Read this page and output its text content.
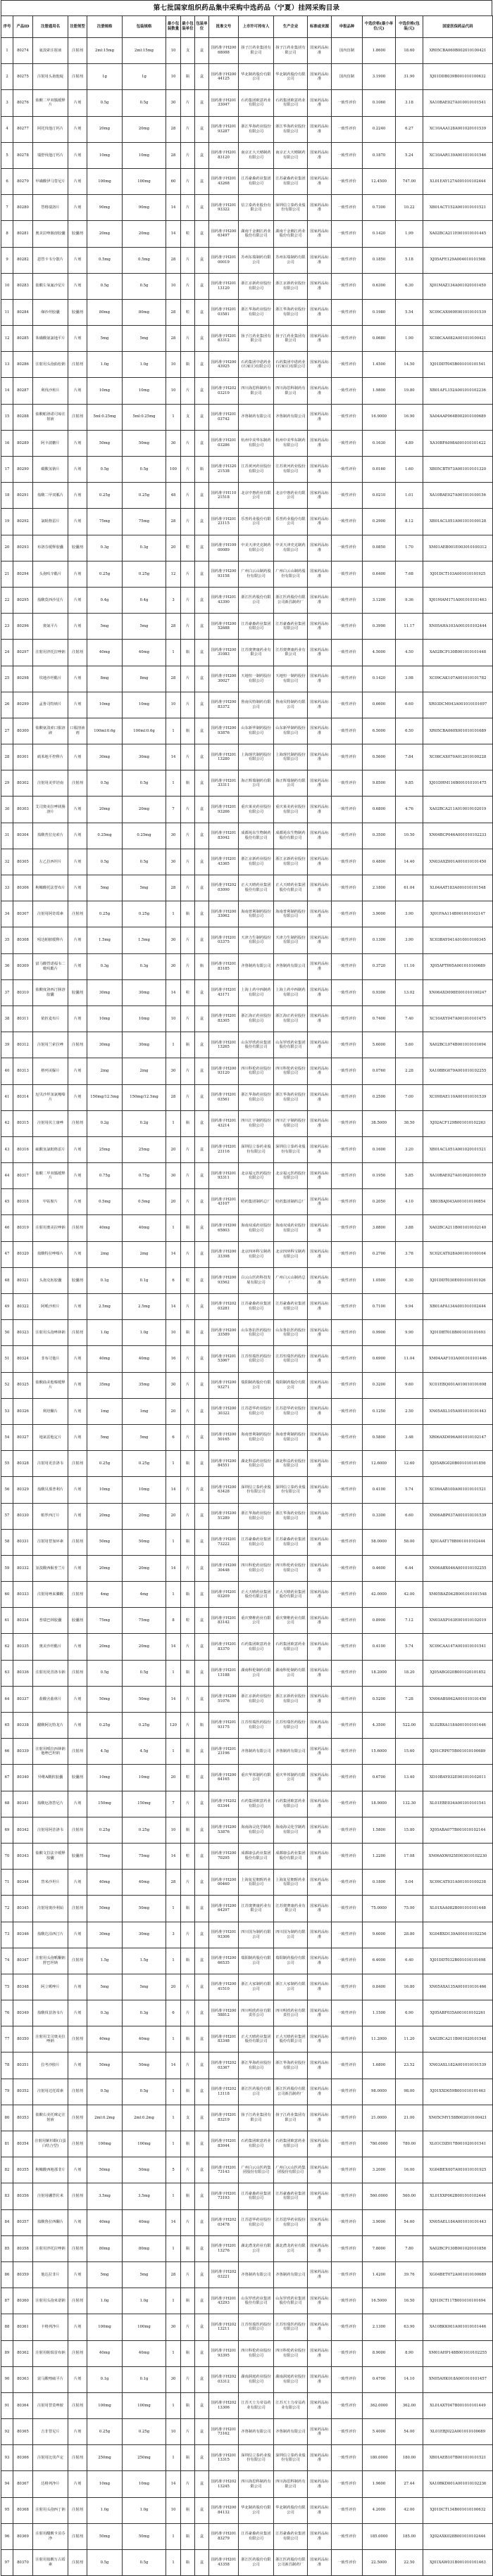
第七批国家组织药品集中采购中选药品（宁夏）挂网采购目录
序号	产品ID	注册通用名	注册剂型	注册规格	包装规格	最小包装数量	最小包装单位	包装单位	批准文号	上市许可持有人	生产企业	标准或来源	申报品种	中选价格(最小单位/元)	中选价格(包装/元)	国家医保药品代码
1	80274	氨溴索注射液	注射剂	2ml:15mg	2ml:15mg	10	支	盒	国药准字H20068088	扬子江药业集团有限公司	扬子江药业集团有限公司	国家药品标准	国内仿制	1.8600	18.60	XR05CBA060B002010100421
2	80275	注射用头孢他啶	注射剂	1g	1g	10	瓶	盒	国药准字H20044125	华北制药股份有限公司	华北制药股份有限公司	国家药品标准	国内仿制	3.1900	31.90	XJ01DDB039B001010100632
3	80276	盐酸二甲双胍缓释片	片剂	0.5g	0.5g	30	片	盒	国药准字H20133047	石药集团欧意药业有限公司	石药集团欧意药业有限公司	国家药品标准	一致性评价	0.1060	3.18	XA10BAE027A010010101541
4	80277	阿托伐他汀钙片	片剂	20mg	20mg	28	片	盒	国药准字H20193287	浙江华海药业股份有限公司	浙江华海药业股份有限公司	国家药品标准	一致性评价	0.2240	6.27	XC10AAA128A001020101539
5	80278	瑞舒伐他汀钙片	片剂	10mg	10mg	28	片	盒	国药准字H20183120	南京正大天晴制药有限公司	南京正大天晴制药有限公司	国家药品标准	一致性评价	0.1870	5.24	XC10AAR139A001010101546
6	80279	甲磺酸伊马替尼片	片剂	100mg	100mg	60	片	盒	国药准字H20143268	江苏豪森药业集团有限公司	江苏豪森药业集团有限公司	国家药品标准	一致性评价	12.4500	747.00	XL01EAY127A001010102444
7	80280	替格瑞洛片	片剂	90mg	90mg	14	片	盒	国药准字H20193322	信立泰药业股份有限公司	深圳信立泰药业股份有限公司	国家药品标准	一致性评价	0.7300	10.22	XB01ACT152A001010101521
8	80281	奥美拉唑肠溶胶囊	胶囊剂	20mg	20mg	14	粒	盒	国药准字H20063497	湖南千金湘江药业股份有限公司	湖南千金湘江药业股份有限公司	国家药品标准	一致性评价	0.1420	1.99	XA02BCA211E001010101445
9	80282	恩替卡韦分散片	片剂	0.5mg	0.5mg	28	片	盒	国药准字H20100019	苏州东瑞制药有限公司	苏州东瑞制药有限公司	国家药品标准	一致性评价	0.1850	5.18	XJ05AFE129A004010101568
10	80283	盐酸左氧氟沙星片	片剂	0.5g	0.5g	10	片	盒	国药准字H20113120	浙江京新药业股份有限公司	浙江京新药业股份有限公司	国家药品标准	一致性评价	0.6300	6.30	XJ01MAZ134A001020101450
11	80284	缬沙坦胶囊	胶囊剂	80mg	80mg	28	粒	盒	国药准字H20103581	浙江华海药业股份有限公司	浙江华海药业股份有限公司	国家药品标准	一致性评价	0.1980	5.54	XC09CAX069E001010101539
12	80285	苯磺酸氨氯地平片	片剂	5mg	5mg	28	片	盒	国药准字H20163312	扬子江药业集团有限公司	扬子江药业集团有限公司	国家药品标准	一致性评价	0.0680	1.90	XC08CAA082A001010100421
13	80286	注射用头孢曲松钠	注射剂	1.0g	1.0g	10	瓶	盒	国药准字H20043925	石药集团中诺药业(石家庄)有限公司	石药集团中诺药业(石家庄)有限公司	国家药品标准	一致性评价	1.4500	14.50	XJ01DDT045B001010101541
14	80287	利伐沙班片	片剂	10mg	10mg	10	片	盒	国药准字H20203219	四川海思科制药有限公司	四川海思科制药有限公司	国家药品标准	一致性评价	1.9800	19.80	XB01AFL152A001010102236
15	80288	盐酸帕洛诺司琼注射液	注射剂	5ml:0.25mg	5ml:0.25mg	1	支	盒	国药准字H20103742	齐鲁制药有限公司	齐鲁制药有限公司	国家药品标准	一致性评价	16.9000	16.90	XA04AAP064B002010100689
16	80289	阿卡波糖片	片剂	50mg	50mg	30	片	盒	国药准字H20103286	杭州中美华东制药有限公司	杭州中美华东制药有限公司	国家药品标准	一致性评价	0.1630	4.89	XA10BFA098A001010101422
17	80290	碳酸氢钠片	片剂	0.5g	0.5g	100	片	瓶	国药准字H32021538	江苏黄河药业股份有限公司	江苏黄河药业股份有限公司	国家药品标准	一致性评价	0.0160	1.60	XB05CBT073A001010101320
18	80291	盐酸二甲双胍片	片剂	0.25g	0.25g	48	片	盒	国药准字H11021518	北京中惠药业有限公司	北京中惠药业有限公司	国家药品标准	一致性评价	0.0210	1.01	XA10BAE027A001010100156
19	80292	氯吡格雷片	片剂	75mg	75mg	28	片	盒	国药准字H20123115	乐普药业股份有限公司	乐普药业股份有限公司	国家药品标准	一致性评价	0.2900	8.12	XB01ACL051A001010100128
20	80293	布洛芬缓释胶囊	胶囊剂	0.3g	0.3g	20	粒	盒	国药准字H10900089	中美天津史克制药有限公司	中美天津史克制药有限公司	国家药品标准	一致性评价	0.0850	1.70	XM01AEB001E003010100312
21	80294	头孢呋辛酯片	片剂	0.25g	0.25g	12	片	盒	国药准字H20093158	广州白云山制药股份有限公司	广州白云山制药股份有限公司	国家药品标准	一致性评价	0.6400	7.68	XJ01DCT103A001010101925
22	80295	盐酸莫西沙星片	片剂	0.4g	0.4g	3	片	盒	国药准字H20143390	浙江医药股份有限公司	浙江医药股份有限公司新昌制药厂	国家药品标准	一致性评价	3.1200	9.36	XJ01MAM171A001010101463
23	80296	奥氮平片	片剂	5mg	5mg	28	片	盒	国药准字H20052688	江苏豪森药业集团有限公司	江苏豪森药业集团有限公司	国家药品标准	一致性评价	0.3990	11.17	XN05AHA103A001010102444
24	80297	注射用泮托拉唑钠	注射剂	40mg	40mg	1	瓶	盒	国药准字H20031083	江苏奥赛康药业有限公司	江苏奥赛康药业有限公司	国家药品标准	一致性评价	4.5000	4.50	XA02BCP130B001010101448
25	80298	坎地沙坦酯片	片剂	8mg	8mg	28	片	盒	国药准字H20030027	天地恒一制药股份有限公司	天地恒一制药股份有限公司	国家药品标准	一致性评价	0.1420	3.98	XC09CAK107A001010101782
26	80299	孟鲁司特钠片	片剂	10mg	10mg	10	片	盒	国药准字H20083372	鲁南贝特制药有限公司	鲁南贝特制药有限公司	国家药品标准	一致性评价	0.6600	6.60	XR03DCM043A001010101697
27	80300	盐酸氨溴索口服溶液	口服溶液剂	100ml:0.6g	100ml:0.6g	1	瓶	盒	国药准字H20093876	山东新华制药股份有限公司	山东新华制药股份有限公司	国家药品标准	一致性评价	6.5000	6.50	XR05CBA060X001010101689
28	80301	硝苯地平控释片	片剂	30mg	30mg	14	片	盒	国药准字H20113280	上海现代制药股份有限公司	上海现代制药股份有限公司	国家药品标准	一致性评价	0.5600	7.84	XC08CAX070A012010100228
29	80302	注射用美罗培南	注射剂	0.5g	0.5g	1	瓶	盒	国药准字H20133311	海正辉瑞制药有限公司	海正辉瑞制药有限公司	国家药品标准	一致性评价	9.8500	9.85	XJ01DHM116B001010101475
30	80303	艾司奥美拉唑镁肠溶片	片剂	20mg	20mg	7	片	盒	国药准字H20193266	重庆莱美药业股份有限公司	重庆莱美药业股份有限公司	国家药品标准	一致性评价	0.6800	4.76	XA02BCA211A010010102019
31	80304	盐酸普拉克索片	片剂	0.25mg	0.25mg	30	片	盒	国药准字H20183042	成都苑东生物制药股份有限公司	成都苑东生物制药股份有限公司	国家药品标准	一致性评价	0.3500	10.50	XN04BCP046A001010102233
32	80305	左乙拉西坦片	片剂	0.5g	0.5g	30	片	盒	国药准字H20143365	浙江京新药业股份有限公司	浙江京新药业股份有限公司	国家药品标准	一致性评价	0.4800	14.40	XN03AXZ001A001010101450
33	80306	枸橼酸托法替布片	片剂	5mg	5mg	28	片	盒	国药准字H20203090	正大天晴药业集团股份有限公司	正大天晴药业集团股份有限公司	国家药品标准	一致性评价	2.1800	61.04	XL04AAT183A001010101548
34	80307	注射用阿奇霉素	注射剂	0.25g	0.25g	1	瓶	盒	国药准字H20033062	海南普利制药股份有限公司	海南普利制药股份有限公司	国家药品标准	一致性评价	3.9000	3.90	XJ01FAA114B001010102147
35	80308	吲达帕胺缓释片	片剂	1.5mg	1.5mg	30	片	盒	国药准字H20103375	天津力生制药股份有限公司	天津力生制药股份有限公司	国家药品标准	一致性评价	0.1300	3.90	XC03BAY041A010010100345
36	80309	富马酸替诺福韦二吡呋酯片	片剂	0.3g	0.3g	30	片	瓶	国药准字H20183185	齐鲁制药有限公司	齐鲁制药有限公司	国家药品标准	一致性评价	0.3720	11.16	XJ05AFT095A001010100689
37	80310	盐酸度洛西汀肠溶胶囊	胶囊剂	30mg	30mg	14	粒	盒	国药准字H20143171	上海上药中西制药有限公司	上海上药中西制药有限公司	国家药品标准	一致性评价	0.9300	13.02	XN06AXD098E001010100247
38	80311	依折麦布片	片剂	10mg	10mg	10	片	盒	国药准字H20183305	浙江海正药业股份有限公司	浙江海正药业股份有限公司	国家药品标准	一致性评价	0.7400	7.40	XC10AXY047A001010101475
39	80312	注射用兰索拉唑	注射剂	30mg	30mg	1	瓶	盒	国药准字H20113265	山东罗欣药业集团股份有限公司	山东罗欣药业集团股份有限公司	国家药品标准	一致性评价	5.6000	5.60	XA02BCL074B001010101694
40	80313	格列美脲片	片剂	2mg	2mg	30	片	盒	国药准字H20093120	四川科伦药业股份有限公司	四川科伦药业股份有限公司	国家药品标准	一致性评价	0.0760	2.28	XA10BBG079A001010102255
41	80314	厄贝沙坦氢氯噻嗪片	片剂	150mg/12.5mg	150mg/12.5mg	28	片	盒	国药准字H20103561	浙江华海药业股份有限公司	浙江华海药业股份有限公司	国家药品标准	一致性评价	0.2500	7.00	XC09DAE110A001010101539
42	80315	注射用伏立康唑	注射剂	0.2g	0.2g	1	瓶	盒	国药准字H20143214	四川汇宇制药股份有限公司	四川汇宇制药股份有限公司	国家药品标准	一致性评价	38.5000	38.50	XJ02ACF129B001010102263
43	80316	硫酸氢氯吡格雷片	片剂	25mg	25mg	20	片	盒	国药准字H20123116	深圳信立泰药业股份有限公司	深圳信立泰药业股份有限公司	国家药品标准	一致性评价	0.1600	3.20	XB01ACL051A001020101521
44	80317	盐酸二甲双胍缓释片	片剂	0.75g	0.75g	30	片	盒	国药准字H20193311	北京福元医药股份有限公司	北京福元医药股份有限公司	国家药品标准	一致性评价	0.1950	5.85	XA10BAE027A010020100159
45	80318	甲钴胺片	片剂	0.5mg	0.5mg	20	片	盒	国药准字H20143107	哈药集团制药总厂	哈药集团制药总厂	国家药品标准	一致性评价	0.2050	4.10	XB03BAJ043A001010100854
46	80319	注射用奥美拉唑钠	注射剂	40mg	40mg	1	瓶	盒	国药准字H20065803	海南双成药业股份有限公司	海南双成药业股份有限公司	国家药品标准	一致性评价	3.8800	3.88	XA02BCA211B001010102140
47	80320	盐酸特拉唑嗪片	片剂	2mg	2mg	14	片	盒	国药准字H20033398	北京四环科宝制药有限公司	北京四环科宝制药有限公司	国家药品标准	一致性评价	0.2700	3.78	XC02CAT028A001010100164
48	80321	头孢克肟胶囊	胶囊剂	0.1g	0.1g	6	粒	盒	国药准字H20093562	白云山医药科技发展有限公司	广州白云山制药总厂	国家药品标准	一致性评价	1.0500	6.30	XJ01DDT030E001010101926
49	80322	阿哌沙班片	片剂	2.5mg	2.5mg	14	片	盒	国药准字H20203281	江苏豪森药业集团有限公司	江苏豪森药业集团有限公司	国家药品标准	一致性评价	0.7100	9.94	XB01AFA134A001010102444
50	80323	注射用头孢唑林钠	注射剂	1.0g	1.0g	10	瓶	盒	国药准字H20033589	山东鲁抗医药股份有限公司	山东鲁抗医药股份有限公司	国家药品标准	一致性评价	0.9900	9.90	XJ01DBT018B001010101693
51	80324	非布司他片	片剂	40mg	40mg	16	片	盒	国药准字H20153067	江苏恒瑞医药股份有限公司	江苏恒瑞医药股份有限公司	国家药品标准	一致性评价	0.6900	11.04	XM04AAF103A001010101446
52	80325	盐酸曲美他嗪缓释片	片剂	35mg	35mg	30	片	盒	国药准字H20093271	瑞阳制药股份有限公司	瑞阳制药股份有限公司	国家药品标准	一致性评价	0.3200	9.60	XC01EBQ001A010010101698
53	80326	利培酮片	片剂	1mg	1mg	20	片	盒	国药准字H20030322	江苏恩华药业股份有限公司	江苏恩华药业股份有限公司	国家药品标准	一致性评价	0.1250	2.50	XN05AXL105A001010101443
54	80327	地氯雷他定片	片剂	5mg	5mg	6	片	盒	国药准字H20050165	海南普利制药股份有限公司	海南普利制药股份有限公司	国家药品标准	一致性评价	0.5800	3.48	XR06AXD096A001010102147
55	80328	注射用更昔洛韦	注射剂	0.25g	0.25g	1	瓶	盒	国药准字H20084551	湖北科益药业股份有限公司	湖北科益药业股份有限公司	国家药品标准	一致性评价	12.6000	12.60	XJ05ABG020B001010101856
56	80329	盐酸贝那普利片	片剂	10mg	10mg	14	片	盒	国药准字H20063428	深圳信立泰药业股份有限公司	深圳信立泰药业股份有限公司	国家药品标准	一致性评价	0.4100	5.74	XC09AAB100A001010101521
57	80330	帕罗西汀片	片剂	20mg	20mg	20	片	盒	国药准字H20051289	浙江华海药业股份有限公司	浙江华海药业股份有限公司	国家药品标准	一致性评价	0.3300	6.60	XN06ABP037A001010101539
58	80331	注射用替加环素	注射剂	50mg	50mg	1	瓶	盒	国药准字H20173222	江苏豪森药业集团有限公司	江苏豪森药业集团有限公司	国家药品标准	一致性评价	58.0000	58.00	XJ01AAT178B001010102444
59	80332	氢溴酸西酞普兰片	片剂	20mg	20mg	14	片	盒	国药准字H20030448	四川科伦药业股份有限公司	四川科伦药业股份有限公司	国家药品标准	一致性评价	0.4600	6.44	XN06ABX046A001010102255
60	80333	注射用唑来膦酸	注射剂	4mg	4mg	1	瓶	盒	国药准字H20103209	正大天晴药业集团股份有限公司	正大天晴药业集团股份有限公司	国家药品标准	一致性评价	42.0000	42.00	XM05BAZ042B001010101548
61	80334	普瑞巴林胶囊	胶囊剂	75mg	75mg	8	粒	盒	国药准字H20183142	重庆赛维药业有限公司	重庆赛维药业有限公司	国家药品标准	一致性评价	0.8900	7.12	XN03AXP163E001010102019
62	80335	奥美沙坦酯片	片剂	20mg	20mg	14	片	盒	国药准字H20183370	石药集团欧意药业有限公司	石药集团欧意药业有限公司	国家药品标准	一致性评价	0.4100	5.74	XC09CAA147A001010101541
63	80336	注射用更昔洛韦钠	注射剂	0.5g	0.5g	1	瓶	盒	国药准字H20113188	湖南科伦制药有限公司	湖南科伦制药有限公司	国家药品标准	一致性评价	18.2000	18.20	XJ05ABG020B001020101852
64	80337	盐酸舍曲林片	片剂	50mg	50mg	14	片	盒	国药准字H20051076	浙江京新药业股份有限公司	浙江京新药业股份有限公司	国家药品标准	一致性评价	0.5200	7.28	XN06ABS062A001010101450
65	80338	醋酸阿比特龙片	片剂	0.25g	0.25g	120	片	瓶	国药准字H20193175	江苏恒瑞医药股份有限公司	江苏恒瑞医药股份有限公司	国家药品标准	一致性评价	4.3500	522.00	XL02BXA118A001010101446
66	80339	注射用哌拉西林钠他唑巴坦钠	注射剂	4.5g	4.5g	1	瓶	盒	国药准字H20123196	齐鲁制药有限公司	齐鲁制药有限公司	国家药品标准	一致性评价	15.6000	15.60	XJ01CRP075B001010100689
67	80340	异维A酸软胶囊	胶囊剂	10mg	10mg	20	粒	盒	国药准字H20064165	重庆华邦制药有限公司	重庆华邦制药有限公司	国家药品标准	一致性评价	0.6700	13.40	XD10BAY032E001010102011
68	80341	盐酸厄洛替尼片	片剂	150mg	150mg	7	片	盒	国药准字H20203344	石药集团欧意药业有限公司	石药集团欧意药业有限公司	国家药品标准	一致性评价	18.9000	132.30	XL01EBE034A001010101541
69	80342	注射用阿昔洛韦	注射剂	0.25g	0.25g	10	瓶	盒	国药准字H20053876	海南海灵化学制药有限公司	海南海灵化学制药有限公司	国家药品标准	一致性评价	1.5800	15.80	XJ05ABA077B001010102144
70	80343	盐酸文拉法辛缓释胶囊	胶囊剂	75mg	75mg	14	粒	盒	国药准字H20070295	成都康弘药业集团股份有限公司	成都康弘药业集团股份有限公司	国家药品标准	一致性评价	1.2200	17.08	XN06AXW025E003010102230
71	80344	替米沙坦片	片剂	40mg	40mg	28	片	盒	国药准字H20000460	上海复星朝晖药业有限公司	上海复星朝晖药业有限公司	国家药品标准	一致性评价	0.1800	5.04	XC09CAT031A001010100238
72	80345	注射用奥沙利铂	注射剂	50mg	50mg	1	瓶	盒	国药准字H20064297	江苏奥赛康药业有限公司	江苏奥赛康药业有限公司	国家药品标准	一致性评价	75.0000	75.00	XL01XAA082B001010101448
73	80346	盐酸达泊西汀片	片剂	30mg	30mg	3	片	盒	国药准字H20193306	四川国为制药有限公司	四川国为制药有限公司	国家药品标准	一致性评价	9.6000	28.80	XG04BXD139A001010102256
74	80347	注射用头孢哌酮钠舒巴坦钠	注射剂	1.5g	1.5g	1	瓶	盒	国药准字H20066535	瑞阳制药股份有限公司	瑞阳制药股份有限公司	国家药品标准	一致性评价	6.4000	6.40	XJ01DDT032B001010101698
75	80348	阿立哌唑片	片剂	5mg	5mg	20	片	盒	国药准字H20041510	浙江大冢制药有限公司	浙江大冢制药有限公司	国家药品标准	一致性评价	0.8400	16.80	XN05AXA135A001010101466
76	80349	盐酸伐昔洛韦片	片剂	0.3g	0.3g	6	片	盒	国药准字H20058812	四川明欣药业有限责任公司	四川明欣药业有限责任公司	国家药品标准	一致性评价	1.1500	6.90	XJ05ABF035A001010102261
77	80350	注射用艾司奥美拉唑钠	注射剂	40mg	40mg	1	瓶	盒	国药准字H20183348	正大天晴药业集团股份有限公司	正大天晴药业集团股份有限公司	国家药品标准	一致性评价	11.2000	11.20	XA02BCA211B001020101548
78	80351	拉考沙胺片	片剂	50mg	50mg	14	片	盒	国药准字H20203367	浙江华海药业股份有限公司	浙江华海药业股份有限公司	国家药品标准	一致性评价	1.6800	23.52	XN03AXL182A001010101539
79	80352	注射用达托霉素	注射剂	0.5g	0.5g	1	瓶	盒	国药准字H20213118	浙江医药股份有限公司	浙江医药股份有限公司新昌制药厂	国家药品标准	一致性评价	98.0000	98.00	XJ01XXD059B001010101463
80	80353	盐酸右美托咪定注射液	注射剂	2ml:0.2mg	2ml:0.2mg	1	支	盒	国药准字H20183219	扬子江药业集团有限公司	扬子江药业集团有限公司	国家药品标准	一致性评价	21.0000	21.00	XN05CMY158B002010100421
81	80354	注射用紫杉醇(白蛋白结合型)	注射剂	100mg	100mg	1	瓶	盒	国药准字H20183044	石药集团欧意药业有限公司	石药集团欧意药业有限公司	国家药品标准	一致性评价	780.0000	780.00	XL01CDZ017B001020101541
82	80355	枸橼酸西地那非片	片剂	50mg	50mg	5	片	盒	国药准字H20173143	广州白云山医药集团股份有限公司	广州白云山医药集团股份有限公司	国家药品标准	一致性评价	3.2000	16.00	XG04BEX007A001010101925
83	80356	注射用硼替佐米	注射剂	3.5mg	3.5mg	1	瓶	盒	国药准字H20173193	江苏豪森药业集团有限公司	江苏豪森药业集团有限公司	国家药品标准	一致性评价	560.0000	560.00	XL01XXP062B001010102444
84	80357	盐酸鲁拉西酮片	片剂	40mg	40mg	14	片	盒	国药准字H20203478	江苏恩华药业股份有限公司	江苏恩华药业股份有限公司	国家药品标准	一致性评价	3.9000	54.60	XN05AEL184A001010101443
85	80358	注射用泮托拉唑钠	注射剂	80mg	80mg	1	瓶	盒	国药准字H20113276	湖北潜龙药业有限公司	湖北潜龙药业有限公司	国家药品标准	一致性评价	7.8000	7.80	XA02BCP130B001020101856
86	80359	他达拉非片	片剂	5mg	5mg	28	片	盒	国药准字H20203221	齐鲁制药有限公司	齐鲁制药有限公司	国家药品标准	一致性评价	1.4200	39.76	XG04BET072A001010100689
87	80360	注射用头孢米诺钠	注射剂	1.0g	1.0g	1	瓶	盒	国药准字H20143293	山东罗欣药业集团股份有限公司	山东罗欣药业集团股份有限公司	国家药品标准	一致性评价	16.5000	16.50	XJ01DCT117B001010101694
88	80361	卡格列净片	片剂	100mg	100mg	30	片	盒	国药准字H20213211	江苏恒瑞医药股份有限公司	江苏恒瑞医药股份有限公司	国家药品标准	一致性评价	2.1300	63.90	XA10BKK001A001010101446
89	80362	注射用帕瑞昔布钠	注射剂	40mg	40mg	1	瓶	盒	国药准字H20193395	四川科伦药业股份有限公司	四川科伦药业股份有限公司	国家药品标准	一致性评价	8.9000	8.90	XM01AHP148B001010102255
90	80363	富马酸喹硫平片	片剂	0.1g	0.1g	30	片	盒	国药准字H20203312	湖南洞庭药业股份有限公司	湖南洞庭药业股份有限公司	国家药品标准	一致性评价	0.4700	14.10	XN05AHK018A001010101457
91	80364	注射用替莫唑胺	注射剂	100mg	100mg	1	瓶	盒	国药准字H20213306	江苏天士力帝益药业有限公司	江苏天士力帝益药业有限公司	国家药品标准	一致性评价	362.0000	362.00	XL01AXT047B001010101449
92	80365	吉非替尼片	片剂	0.25g	0.25g	10	片	盒	国药准字H20173162	齐鲁制药有限公司	齐鲁制药有限公司	国家药品标准	一致性评价	5.4000	54.00	XL01EBJ022A001010100689
93	80366	注射用比伐芦定	注射剂	250mg	250mg	1	瓶	盒	国药准字H20113315	深圳信立泰药业股份有限公司	深圳信立泰药业股份有限公司	国家药品标准	一致性评价	180.0000	180.00	XB01AEB107B001010101521
94	80367	达格列净片	片剂	10mg	10mg	14	片	盒	国药准字H20213245	四川海思科制药有限公司	四川海思科制药有限公司	国家药品标准	一致性评价	1.9600	27.44	XA10BKD001A001010102236
95	80368	注射用头孢西丁钠	注射剂	1.0g	1.0g	10	瓶	盒	国药准字H20084132	华北制药股份有限公司	华北制药股份有限公司	国家药品标准	一致性评价	4.2000	42.00	XJ01DCT134B001010100632
96	80369	注射用醋酸卡泊芬净	注射剂	50mg	50mg	1	瓶	盒	国药准字H20183279	江苏豪森药业集团有限公司	江苏豪森药业集团有限公司	国家药品标准	一致性评价	185.0000	185.00	XJ02AXK028B001010102444
97	80370	注射用盐酸万古霉素	注射剂	0.5g	0.5g	1	瓶	盒	国药准字H20143358	浙江医药股份有限公司	浙江医药股份有限公司新昌制药厂	国家药品标准	一致性评价	22.5000	22.50	XJ01XAW031B001010101463
